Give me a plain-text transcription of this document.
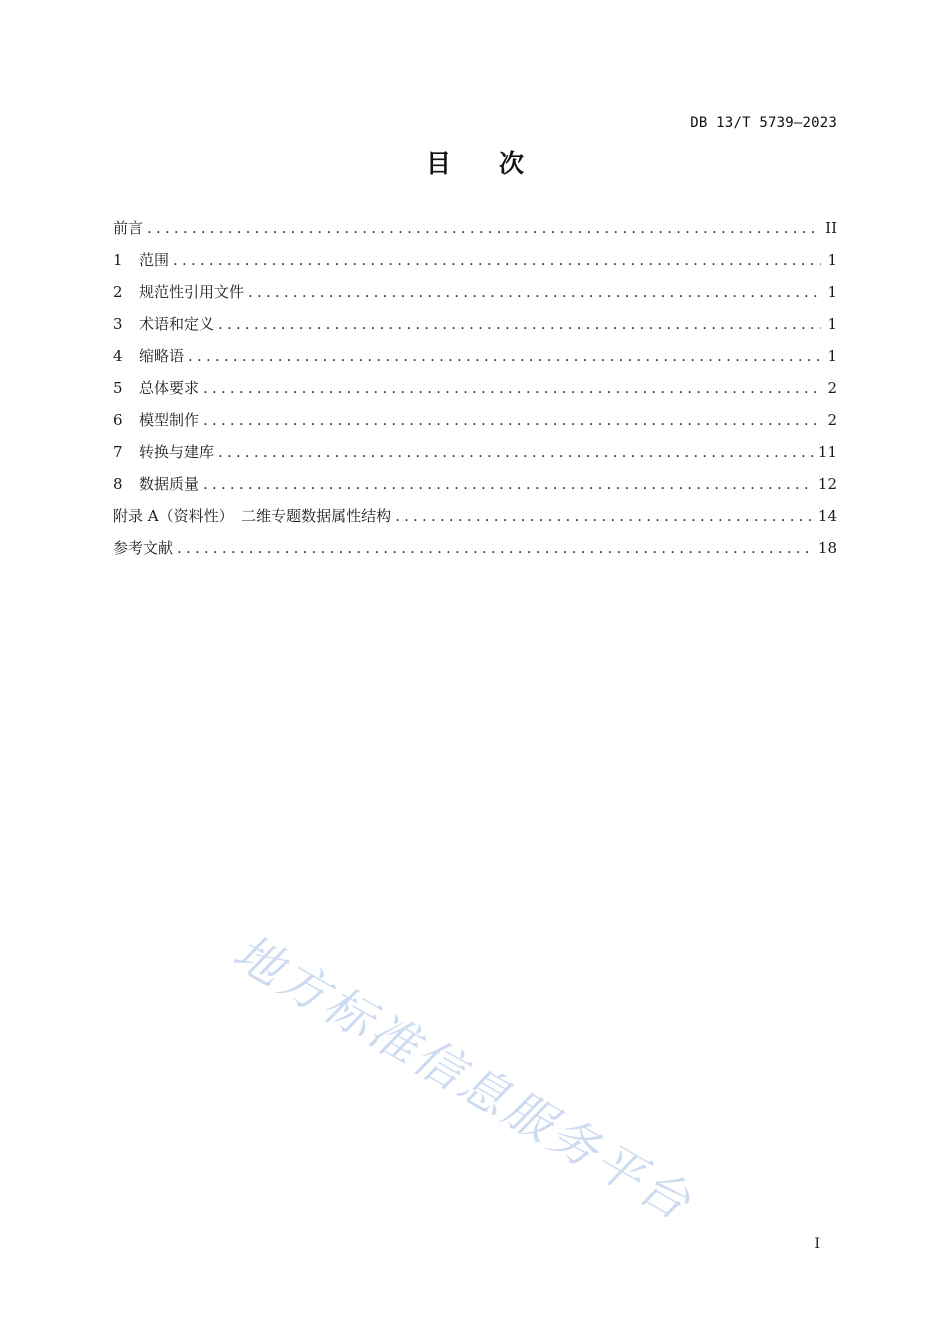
DB 13/T 5739—2023
目次
前言 .....	II
1	范围 .....	1
2	规范性引用文件 .....	1
3	术语和定义 .....	1
4	缩略语 .....	1
5	总体要求 .....	2
6	模型制作 .....	2
7	转换与建库 .....	11
8	数据质量 .....	12
附录 A（资料性）　二维专题数据属性结构 .....	14
参考文献 .....	18
地方标准信息服务平台
I
